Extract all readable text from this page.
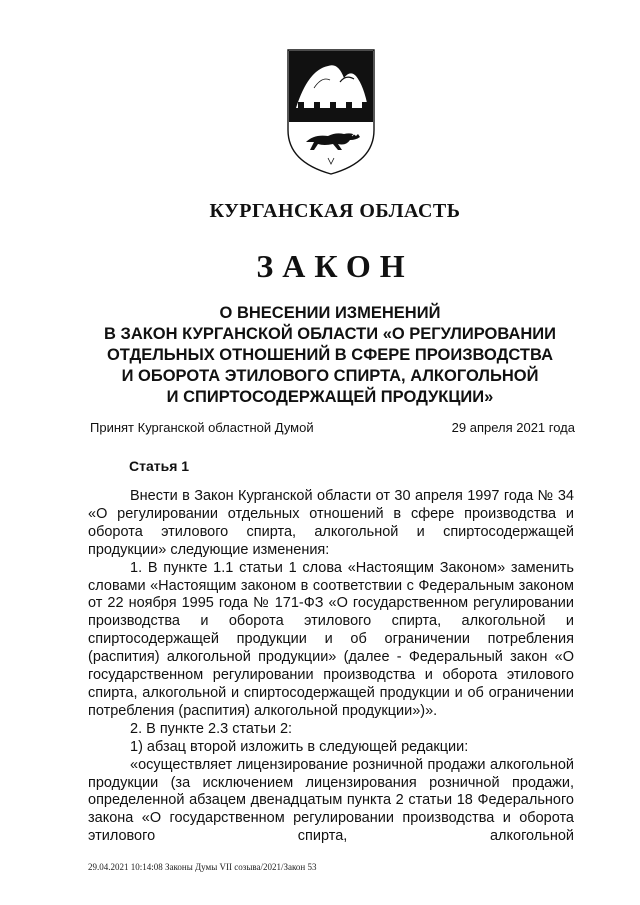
КУРГАНСКАЯ ОБЛАСТЬ
ЗАКОН
О ВНЕСЕНИИ ИЗМЕНЕНИЙ
В ЗАКОН КУРГАНСКОЙ ОБЛАСТИ «О РЕГУЛИРОВАНИИ
ОТДЕЛЬНЫХ ОТНОШЕНИЙ В СФЕРЕ ПРОИЗВОДСТВА
И ОБОРОТА ЭТИЛОВОГО СПИРТА, АЛКОГОЛЬНОЙ
И СПИРТОСОДЕРЖАЩЕЙ ПРОДУКЦИИ»
Принят Курганской областной Думой	29 апреля 2021 года
Статья 1

Внести в Закон Курганской области от 30 апреля 1997 года № 34 «О регулировании отдельных отношений в сфере производства и оборота этилового спирта, алкогольной и спиртосодержащей продукции» следующие изменения:

1. В пункте 1.1 статьи 1 слова «Настоящим Законом» заменить словами «Настоящим законом в соответствии с Федеральным законом от 22 ноября 1995 года № 171-ФЗ «О государственном регулировании производства и оборота этилового спирта, алкогольной и спиртосодержащей продукции и об ограничении потребления (распития) алкогольной продукции» (далее - Федеральный закон «О государственном регулировании производства и оборота этилового спирта, алкогольной и спиртосодержащей продукции и об ограничении потребления (распития) алкогольной продукции»)».

2. В пункте 2.3 статьи 2:

1) абзац второй изложить в следующей редакции:

«осуществляет лицензирование розничной продажи алкогольной продукции (за исключением лицензирования розничной продажи, определенной абзацем двенадцатым пункта 2 статьи 18 Федерального закона «О государственном регулировании производства и оборота этилового спирта, алкогольной

29.04.2021 10:14:08 Законы Думы VII созыва/2021/Закон 53
